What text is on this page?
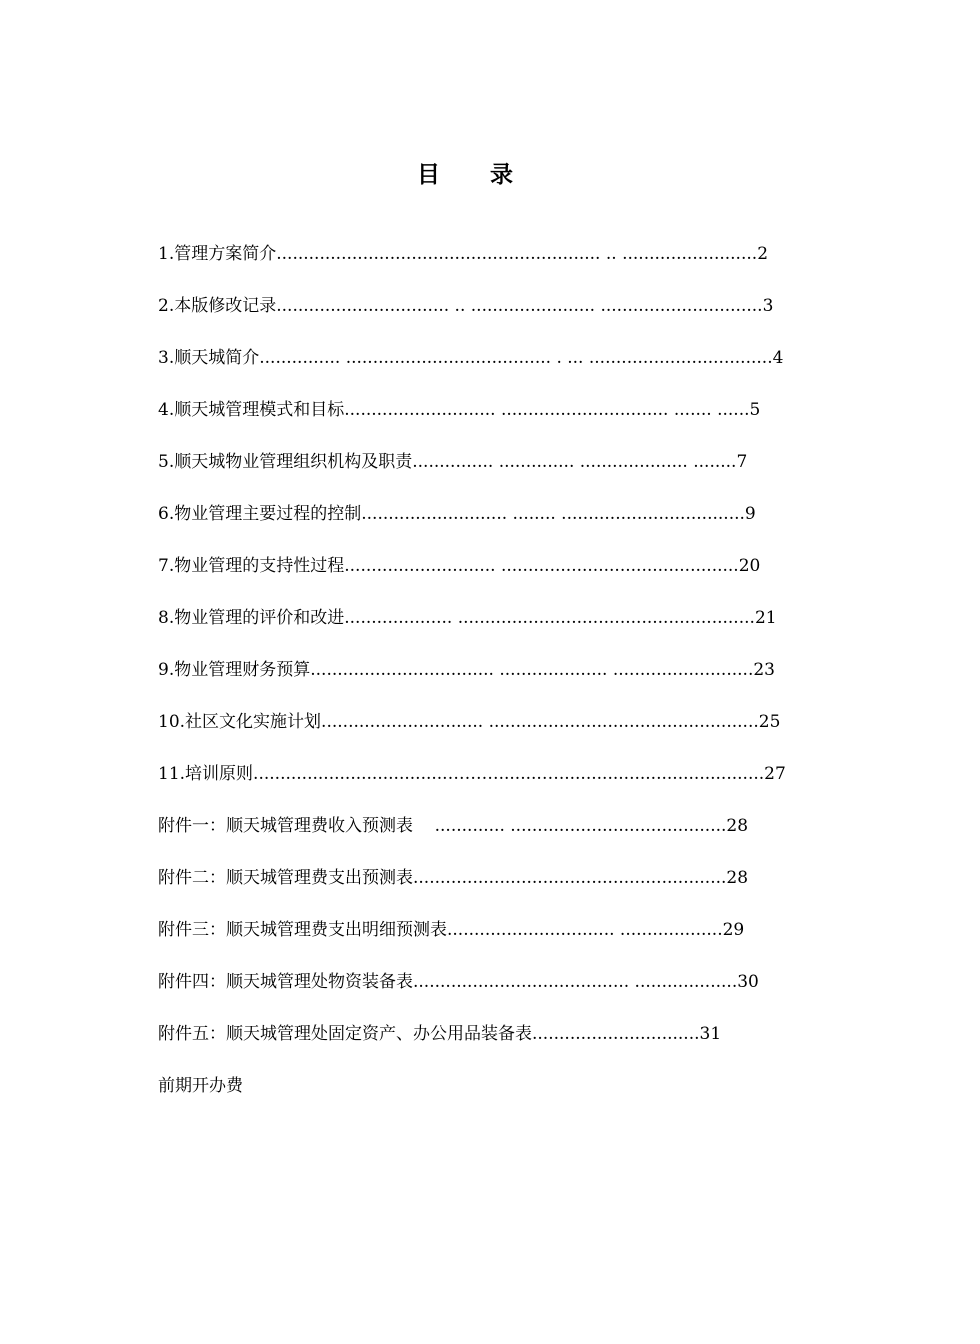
目录
1.管理方案简介............................................................ .. .........................2
2.本版修改记录................................ .. ....................... ..............................3
3.顺天城简介............... ...................................... . ... ..................................4
4.顺天城管理模式和目标............................ ............................... ....... ......5
5.顺天城物业管理组织机构及职责............... .............. .................... ........7
6.物业管理主要过程的控制........................... ........ ..................................9
7.物业管理的支持性过程............................ ............................................20
8.物业管理的评价和改进.................... .......................................................21
9.物业管理财务预算.................................. .................... ..........................23
10.社区文化实施计划.............................. ..................................................25
11.培训原则....................................………........…......................................27
附件一：顺天城管理费收入预测表    ............. ........................................28
附件二：顺天城管理费支出预测表..........................................................28
附件三：顺天城管理费支出明细预测表............................... ...................29
附件四：顺天城管理处物资装备表........................................ ...................30
附件五：顺天城管理处固定资产、办公用品装备表...............................31
前期开办费
